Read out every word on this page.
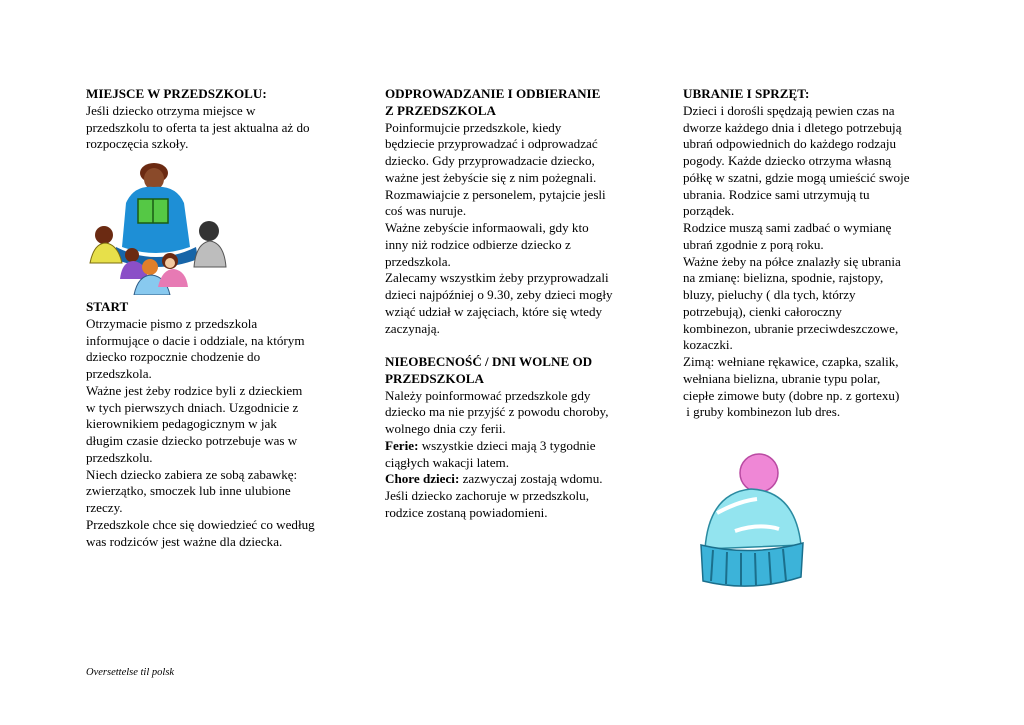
MIEJSCE W PRZEDSZKOLU:

Jeśli dziecko otrzyma miejsce w

przedszkolu to oferta ta jest aktualna aż do

rozpoczęcia szkoły.

START

Otrzymacie pismo z przedszkola

informujące o dacie i oddziale, na którym

dziecko rozpocznie chodzenie do

przedszkola.

Ważne jest żeby rodzice byli z dzieckiem

w tych pierwszych dniach. Uzgodnicie z

kierownikiem pedagogicznym w jak

długim czasie dziecko potrzebuje was w

przedszkolu.

Niech dziecko zabiera ze sobą zabawkę:

zwierzątko, smoczek lub inne ulubione

rzeczy.

Przedszkole chce się dowiedzieć co według

was rodziców jest ważne dla dziecka.

ODPROWADZANIE I ODBIERANIE

Z PRZEDSZKOLA

Poinformujcie przedszkole, kiedy

będziecie przyprowadzać i odprowadzać

dziecko. Gdy przyprowadzacie dziecko,

ważne jest żebyście się z nim pożegnali.

Rozmawiajcie z personelem, pytajcie jesli

coś was nuruje.

Ważne zebyście informaowali, gdy kto

inny niż rodzice odbierze dziecko z

przedszkola.

Zalecamy wszystkim żeby przyprowadzali

dzieci najpóźniej o 9.30, zeby dzieci mogły

wziąć udział w zajęciach, które się wtedy

zaczynają.

NIEOBECNOŚĆ / DNI WOLNE OD

PRZEDSZKOLA

Należy poinformować przedszkole gdy

dziecko ma nie przyjść z powodu choroby,

wolnego dnia czy ferii.

Ferie: wszystkie dzieci mają 3 tygodnie

ciągłych wakacji latem.

Chore dzieci: zazwyczaj zostają wdomu.

Jeśli dziecko zachoruje w przedszkolu,

rodzice zostaną powiadomieni.

UBRANIE I SPRZĘT:

Dzieci i dorośli spędzają pewien czas na

dworze każdego dnia i dletego potrzebują

ubrań odpowiednich do każdego rodzaju

pogody. Każde dziecko otrzyma własną

półkę w szatni, gdzie mogą umieścić swoje

ubrania. Rodzice sami utrzymują tu

porządek.

Rodzice muszą sami zadbać o wymianę

ubrań zgodnie z porą roku.

Ważne żeby na półce znalazły się ubrania

na zmianę: bielizna, spodnie, rajstopy,

bluzy, pieluchy ( dla tych, którzy

potrzebują), cienki całoroczny

kombinezon, ubranie przeciwdeszczowe,

kozaczki.

Zimą: wełniane rękawice, czapka, szalik,

wełniana bielizna, ubranie typu polar,

ciepłe zimowe buty (dobre np. z gortexu)

i gruby kombinezon lub dres.

Oversettelse til polsk
